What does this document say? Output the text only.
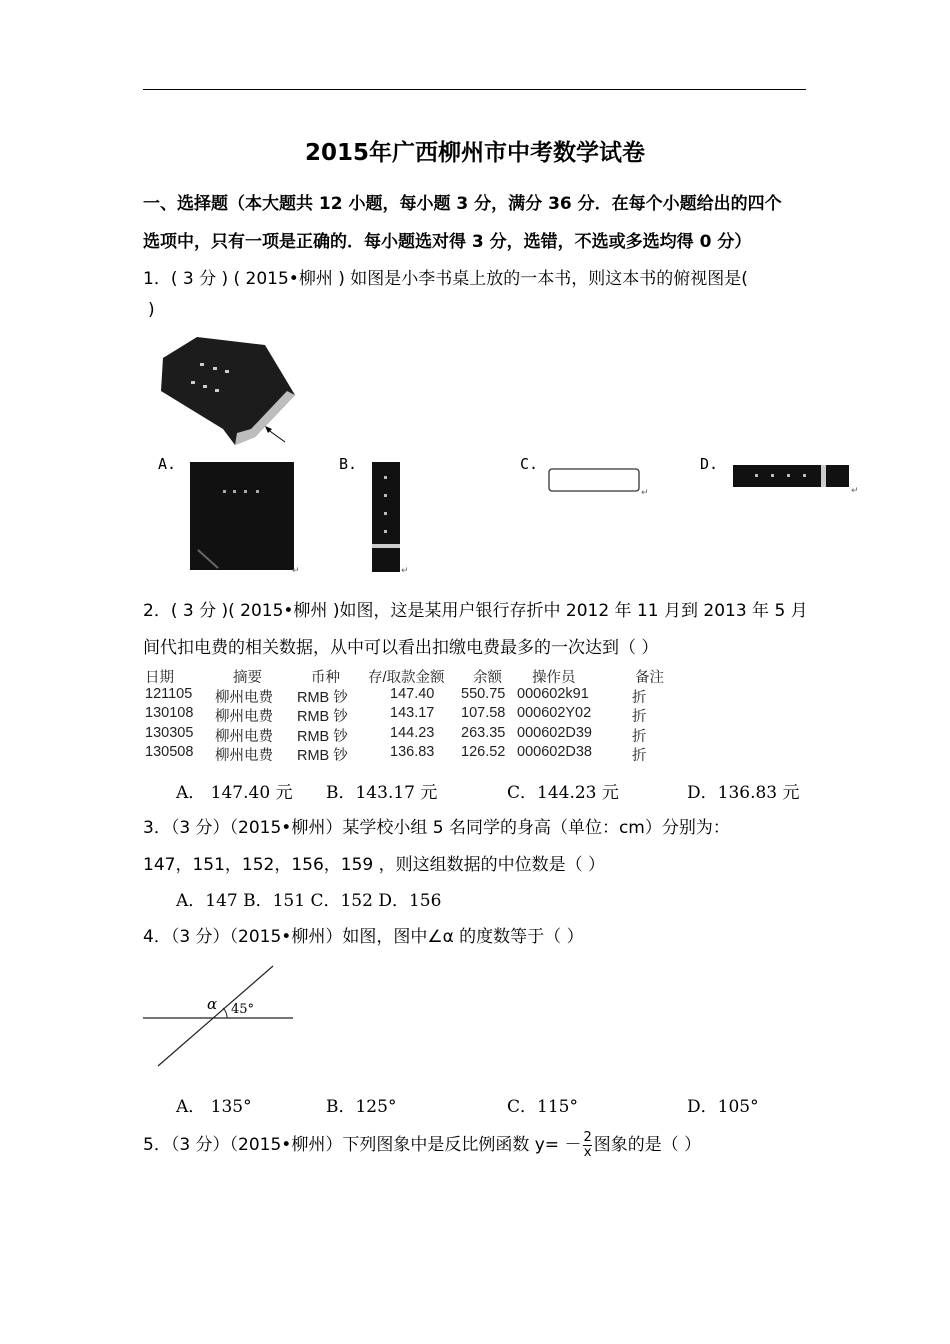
2015年广西柳州市中考数学试卷
一、选择题（本大题共 12 小题，每小题 3 分，满分 36 分．在每个小题给出的四个
选项中，只有一项是正确的．每小题选对得 3 分，选错，不选或多选均得 0 分）
1．( 3 分 ) ( 2015•柳州 ) 如图是小李书桌上放的一本书，则这本书的俯视图是(
)
A.
↵
B.
↵
C.
↵
D.
↵
2．( 3 分 )( 2015•柳州 )如图，这是某用户银行存折中 2012 年 11 月到 2013 年 5 月
间代扣电费的相关数据，从中可以看出扣缴电费最多的一次达到（ ）
日期	摘要	币种 存/取款金额 余额 操作员	备注
121105 柳州电费 RMB 钞	147.40 550.75 000602k91	折
130108 柳州电费 RMB 钞	143.17 107.58 000602Y02	折
130305 柳州电费 RMB 钞	144.23 263.35 000602D39	折
130508 柳州电费 RMB 钞	136.83 126.52 000602D38	折
A． 147.40 元 B．143.17 元	C．144.23 元	D．136.83 元
3．（3 分）（2015•柳州）某学校小组 5 名同学的身高（单位：cm）分别为：
147，151，152，156，159 ，则这组数据的中位数是（ ）
A．147 B．151 C．152 D．156
4．（3 分）（2015•柳州）如图，图中∠α 的度数等于（ ）
α 45°
A． 135°	B．125°	C．115°	D．105°
5．（3 分）（2015•柳州）下列图象中是反比例函数 $y= - \frac{2}{x}$ 图象的是（ ）
